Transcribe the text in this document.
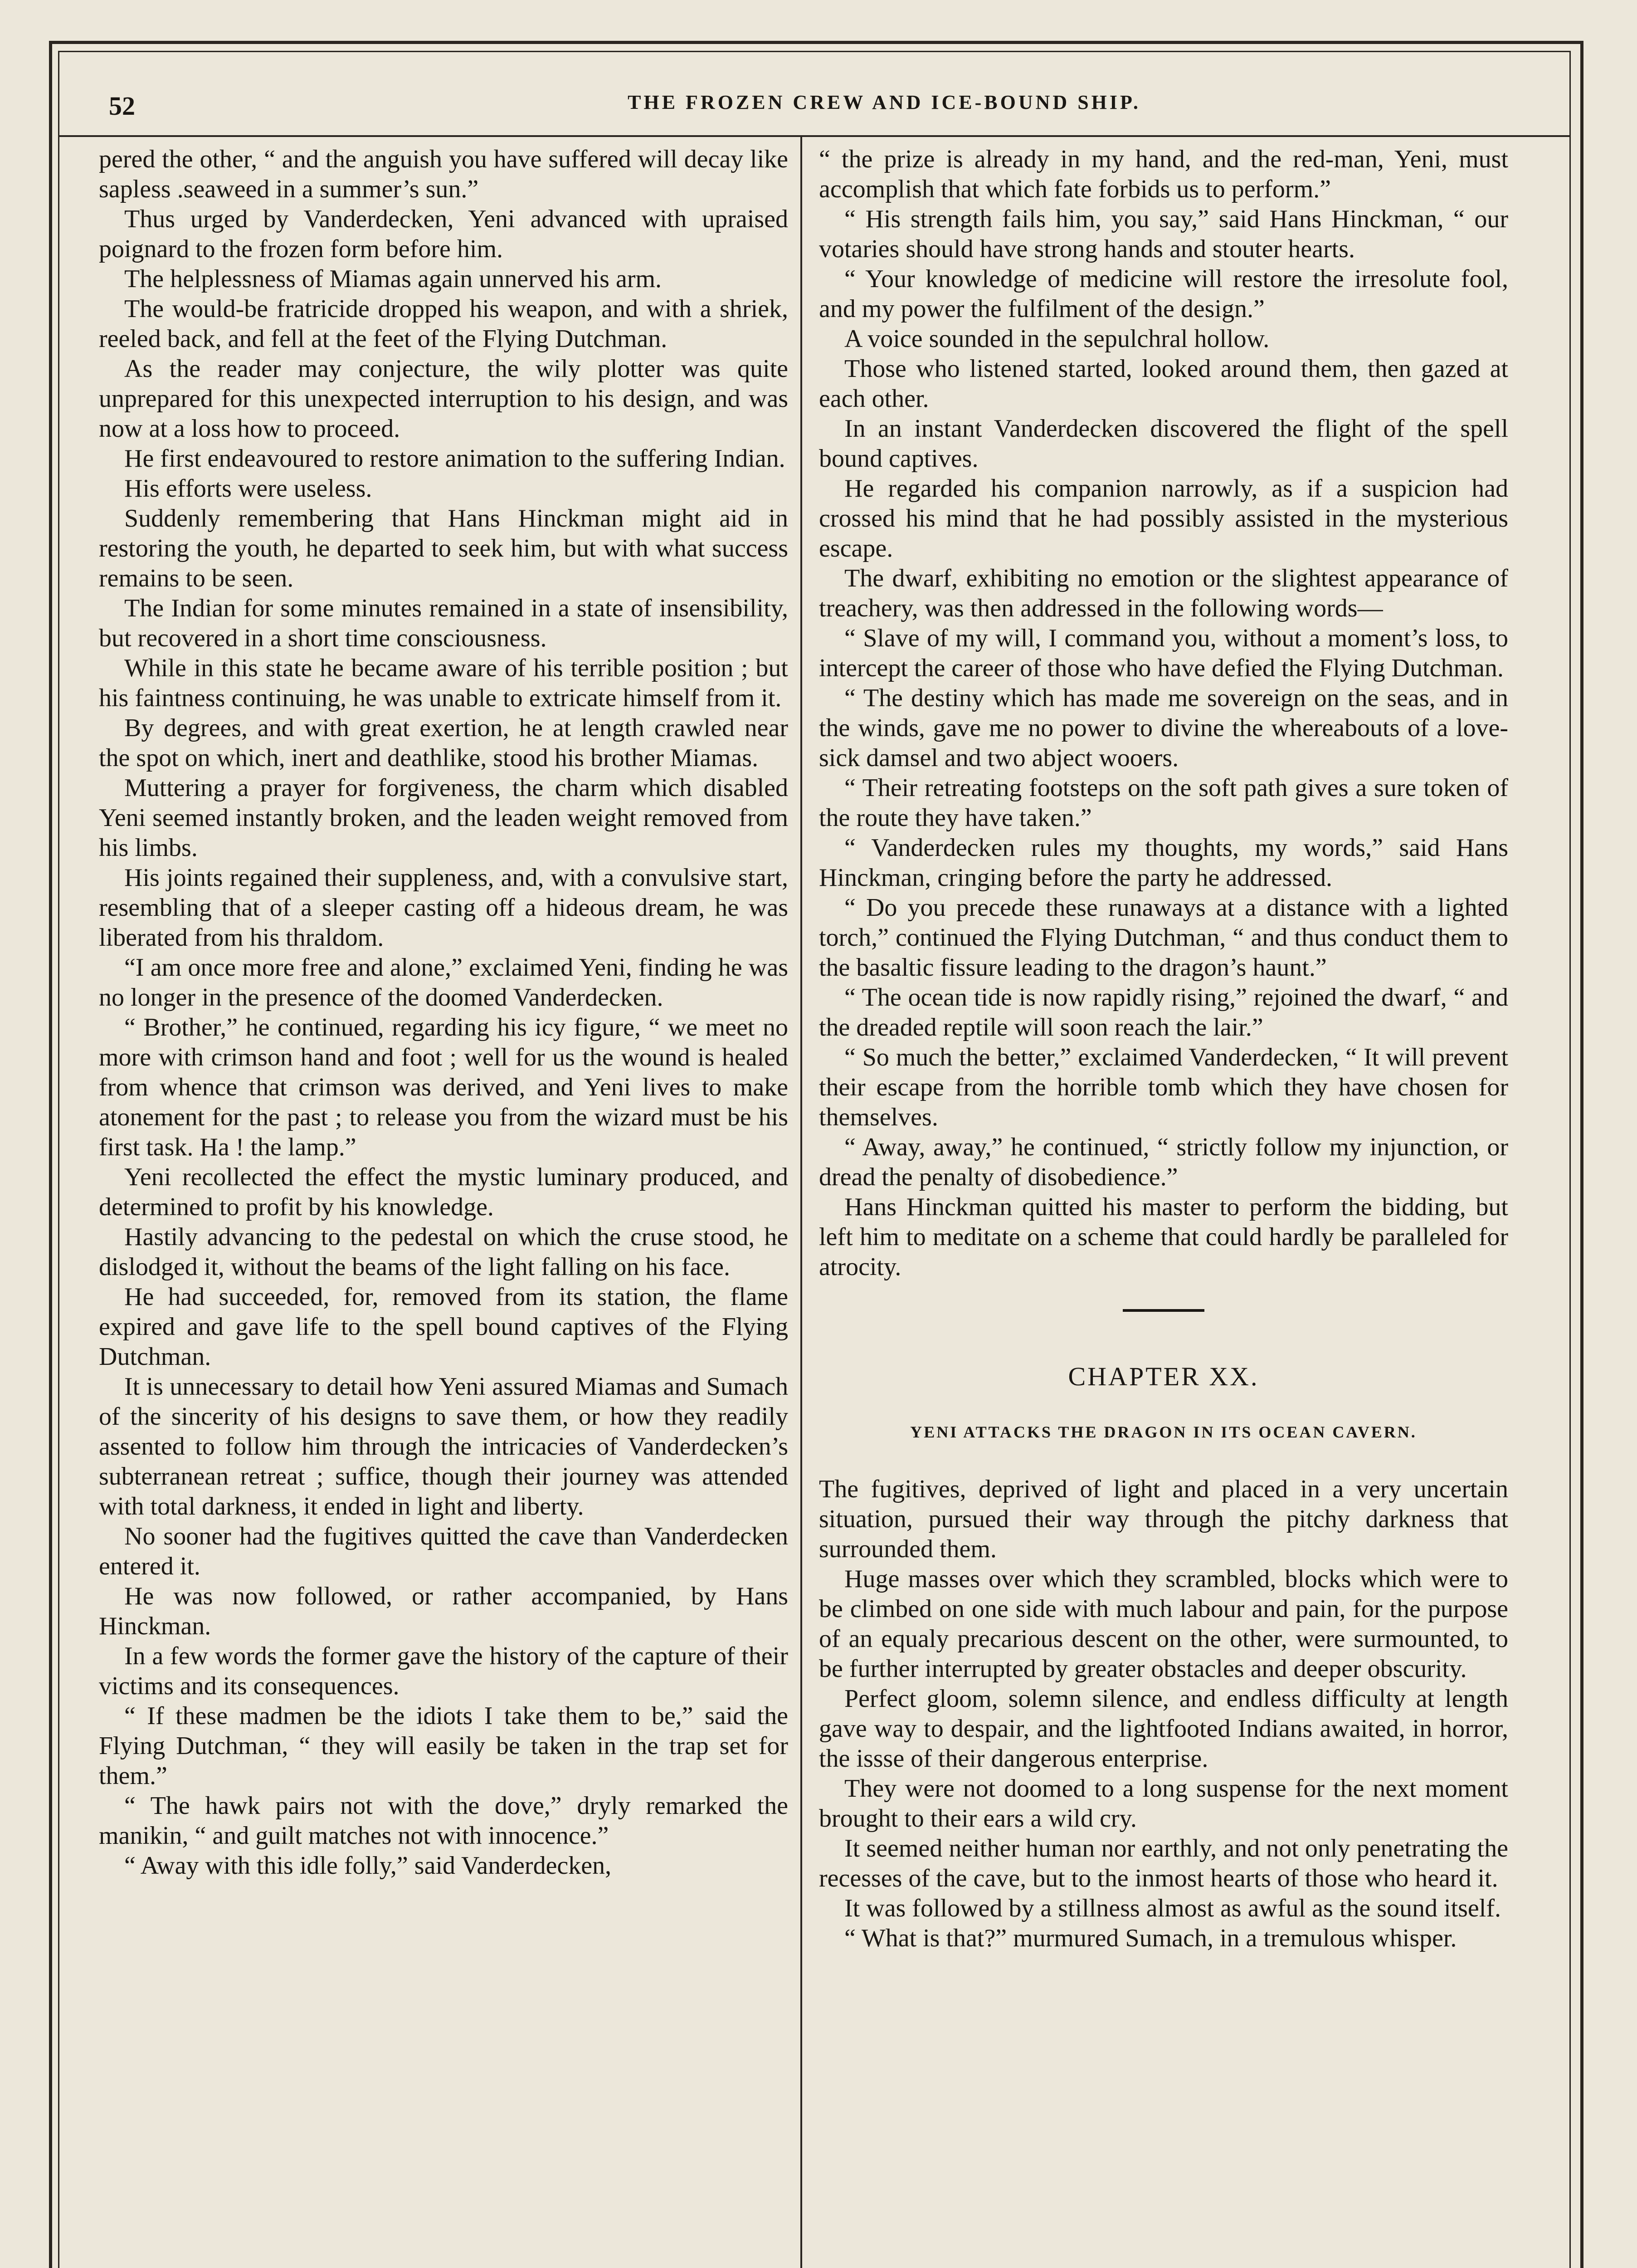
52	THE FROZEN CREW AND ICE-BOUND SHIP.

pered the other, “ and the anguish you have suffered will decay like sapless .seaweed in a summer’s sun.”

Thus urged by Vanderdecken, Yeni advanced with upraised poignard to the frozen form before him.

The helplessness of Miamas again unnerved his arm.

The would-be fratricide dropped his weapon, and with a shriek, reeled back, and fell at the feet of the Flying Dutchman.

As the reader may conjecture, the wily plotter was quite unprepared for this unexpected interruption to his design, and was now at a loss how to proceed.

He first endeavoured to restore animation to the suffering Indian.

His efforts were useless.

Suddenly remembering that Hans Hinckman might aid in restoring the youth, he departed to seek him, but with what success remains to be seen.

The Indian for some minutes remained in a state of insensibility, but recovered in a short time consciousness.

While in this state he became aware of his terrible position ; but his faintness continuing, he was unable to extricate himself from it.

By degrees, and with great exertion, he at length crawled near the spot on which, inert and deathlike, stood his brother Miamas.

Muttering a prayer for forgiveness, the charm which disabled Yeni seemed instantly broken, and the leaden weight removed from his limbs.

His joints regained their suppleness, and, with a convulsive start, resembling that of a sleeper casting off a hideous dream, he was liberated from his thraldom.

“I am once more free and alone,” exclaimed Yeni, finding he was no longer in the presence of the doomed Vanderdecken.

“ Brother,” he continued, regarding his icy figure, “ we meet no more with crimson hand and foot ; well for us the wound is healed from whence that crimson was derived, and Yeni lives to make atonement for the past ; to release you from the wizard must be his first task. Ha ! the lamp.”

Yeni recollected the effect the mystic luminary produced, and determined to profit by his knowledge.

Hastily advancing to the pedestal on which the cruse stood, he dislodged it, without the beams of the light falling on his face.

He had succeeded, for, removed from its station, the flame expired and gave life to the spell bound captives of the Flying Dutchman.

It is unnecessary to detail how Yeni assured Miamas and Sumach of the sincerity of his designs to save them, or how they readily assented to follow him through the intricacies of Vanderdecken’s subterranean retreat ; suffice, though their journey was attended with total darkness, it ended in light and liberty.

No sooner had the fugitives quitted the cave than Vanderdecken entered it.

He was now followed, or rather accompanied, by Hans Hinckman.

In a few words the former gave the history of the capture of their victims and its consequences.

“ If these madmen be the idiots I take them to be,” said the Flying Dutchman, “ they will easily be taken in the trap set for them.”

“ The hawk pairs not with the dove,” dryly remarked the manikin, “ and guilt matches not with innocence.”

“ Away with this idle folly,” said Vanderdecken,

“ the prize is already in my hand, and the red-man, Yeni, must accomplish that which fate forbids us to perform.”

“ His strength fails him, you say,” said Hans Hinckman, “ our votaries should have strong hands and stouter hearts.

“ Your knowledge of medicine will restore the irresolute fool, and my power the fulfilment of the design.”

A voice sounded in the sepulchral hollow.

Those who listened started, looked around them, then gazed at each other.

In an instant Vanderdecken discovered the flight of the spell bound captives.

He regarded his companion narrowly, as if a suspicion had crossed his mind that he had possibly assisted in the mysterious escape.

The dwarf, exhibiting no emotion or the slightest appearance of treachery, was then addressed in the following words—

“ Slave of my will, I command you, without a moment’s loss, to intercept the career of those who have defied the Flying Dutchman.

“ The destiny which has made me sovereign on the seas, and in the winds, gave me no power to divine the whereabouts of a love-sick damsel and two abject wooers.

“ Their retreating footsteps on the soft path gives a sure token of the route they have taken.”

“ Vanderdecken rules my thoughts, my words,” said Hans Hinckman, cringing before the party he addressed.

“ Do you precede these runaways at a distance with a lighted torch,” continued the Flying Dutchman, “ and thus conduct them to the basaltic fissure leading to the dragon’s haunt.”

“ The ocean tide is now rapidly rising,” rejoined the dwarf, “ and the dreaded reptile will soon reach the lair.”

“ So much the better,” exclaimed Vanderdecken, “ It will prevent their escape from the horrible tomb which they have chosen for themselves.

“ Away, away,” he continued, “ strictly follow my injunction, or dread the penalty of disobedience.”

Hans Hinckman quitted his master to perform the bidding, but left him to meditate on a scheme that could hardly be paralleled for atrocity.

CHAPTER XX.
YENI ATTACKS THE DRAGON IN ITS OCEAN CAVERN.

The fugitives, deprived of light and placed in a very uncertain situation, pursued their way through the pitchy darkness that surrounded them.

Huge masses over which they scrambled, blocks which were to be climbed on one side with much labour and pain, for the purpose of an equaly precarious descent on the other, were surmounted, to be further interrupted by greater obstacles and deeper obscurity.

Perfect gloom, solemn silence, and endless difficulty at length gave way to despair, and the lightfooted Indians awaited, in horror, the issse of their dangerous enterprise.

They were not doomed to a long suspense for the next moment brought to their ears a wild cry.

It seemed neither human nor earthly, and not only penetrating the recesses of the cave, but to the inmost hearts of those who heard it.

It was followed by a stillness almost as awful as the sound itself.

“ What is that?” murmured Sumach, in a tremulous whisper.
